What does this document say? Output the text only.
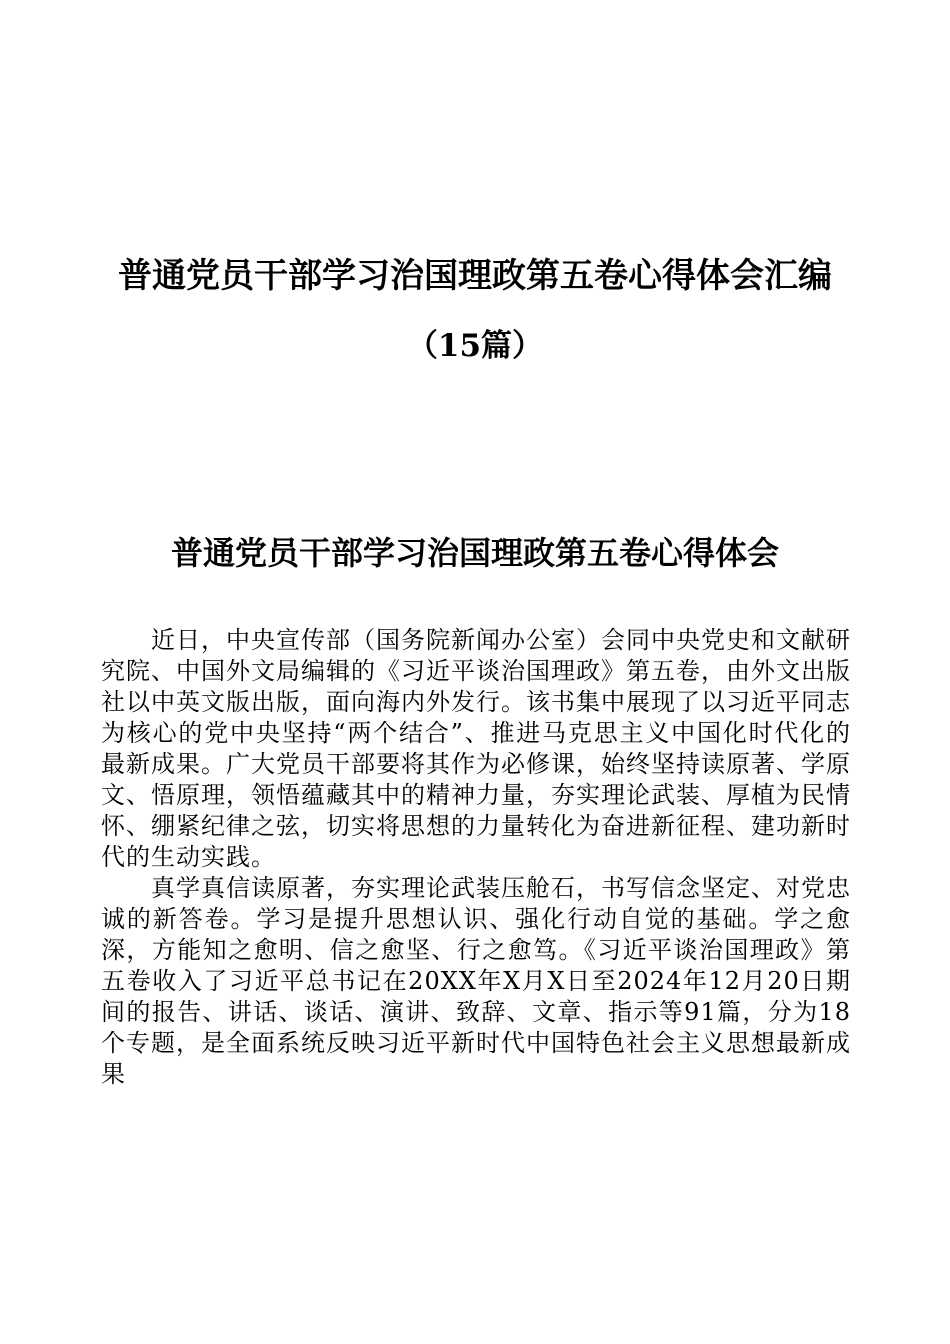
普通党员干部学习治国理政第五卷心得体会汇编
（15篇）
普通党员干部学习治国理政第五卷心得体会

近日，中央宣传部（国务院新闻办公室）会同中央党史和文献研究院、中国外文局编辑的《习近平谈治国理政》第五卷，由外文出版社以中英文版出版，面向海内外发行。该书集中展现了以习近平同志为核心的党中央坚持“两个结合”、推进马克思主义中国化时代化的最新成果。广大党员干部要将其作为必修课，始终坚持读原著、学原文、悟原理，领悟蕴藏其中的精神力量，夯实理论武装、厚植为民情怀、绷紧纪律之弦，切实将思想的力量转化为奋进新征程、建功新时代的生动实践。

真学真信读原著，夯实理论武装压舱石，书写信念坚定、对党忠诚的新答卷。学习是提升思想认识、强化行动自觉的基础。学之愈深，方能知之愈明、信之愈坚、行之愈笃。《习近平谈治国理政》第五卷收入了习近平总书记在20XX年X月X日至2024年12月20日期间的报告、讲话、谈话、演讲、致辞、文章、指示等91篇，分为18个专题，是全面系统反映习近平新时代中国特色社会主义思想最新成果
